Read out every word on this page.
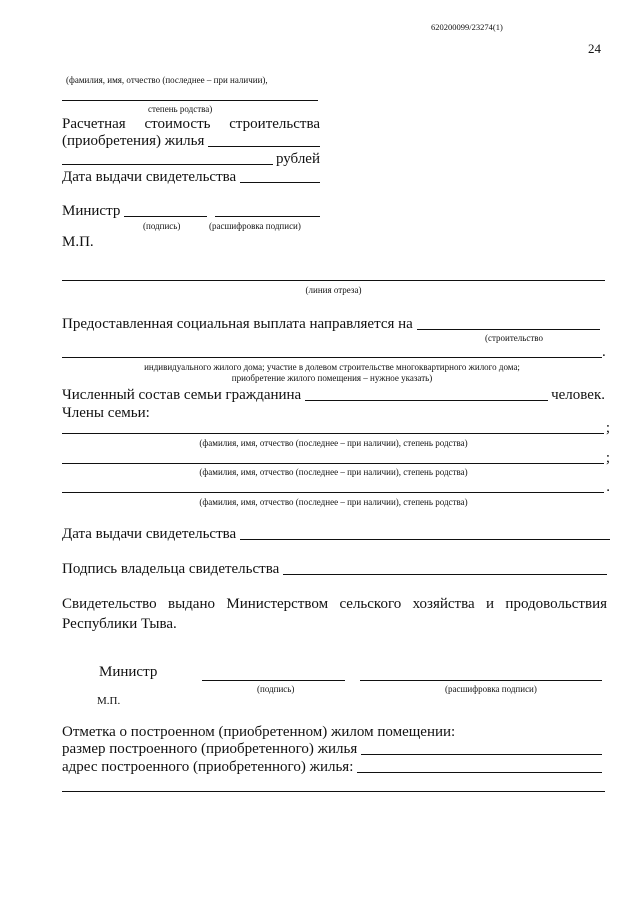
620200099/23274(1)
24
(фамилия, имя, отчество (последнее – при наличии),
степень родства)
Расчетная стоимость строительства
(приобретения) жилья
рублей
Дата выдачи свидетельства
Министр
(подпись)	(расшифровка подписи)
М.П.
(линия отреза)
Предоставленная социальная выплата направляется на
(строительство
.
индивидуального жилого дома; участие в долевом строительстве многоквартирного жилого дома;
приобретение жилого помещения – нужное указать)
Численный состав семьи гражданина	человек.
Члены семьи:
;
(фамилия, имя, отчество (последнее – при наличии), степень родства)
;
(фамилия, имя, отчество (последнее – при наличии), степень родства)
.
(фамилия, имя, отчество (последнее – при наличии), степень родства)
Дата выдачи свидетельства
Подпись владельца свидетельства
Свидетельство выдано Министерством сельского хозяйства и продовольствия Республики Тыва.
Министр
(подпись)	(расшифровка подписи)
М.П.
Отметка о построенном (приобретенном) жилом помещении:
размер построенного (приобретенного) жилья
адрес построенного (приобретенного) жилья:
